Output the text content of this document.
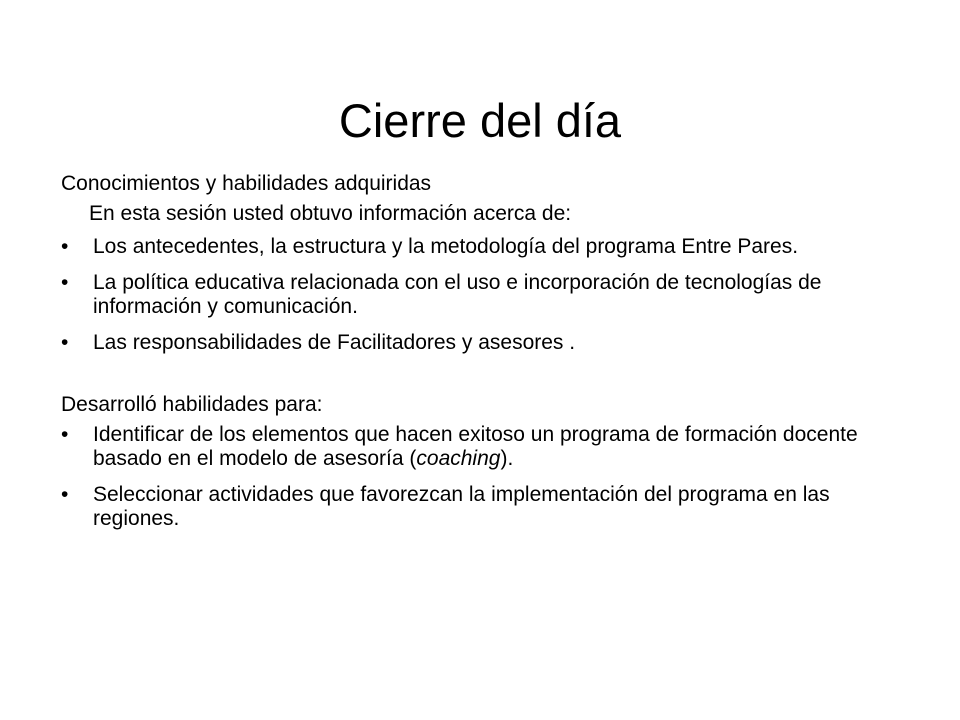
Cierre del día

Conocimientos y habilidades adquiridas

En esta sesión usted obtuvo información acerca de:

• Los antecedentes, la estructura y la metodología del programa Entre Pares.
• La política educativa relacionada con el uso e incorporación de tecnologías de información y comunicación.
• Las responsabilidades de Facilitadores y asesores .

Desarrolló habilidades para:

• Identificar de los elementos que hacen exitoso un programa de formación docente basado en el modelo de asesoría (coaching).
• Seleccionar actividades que favorezcan la implementación del programa en las regiones.
